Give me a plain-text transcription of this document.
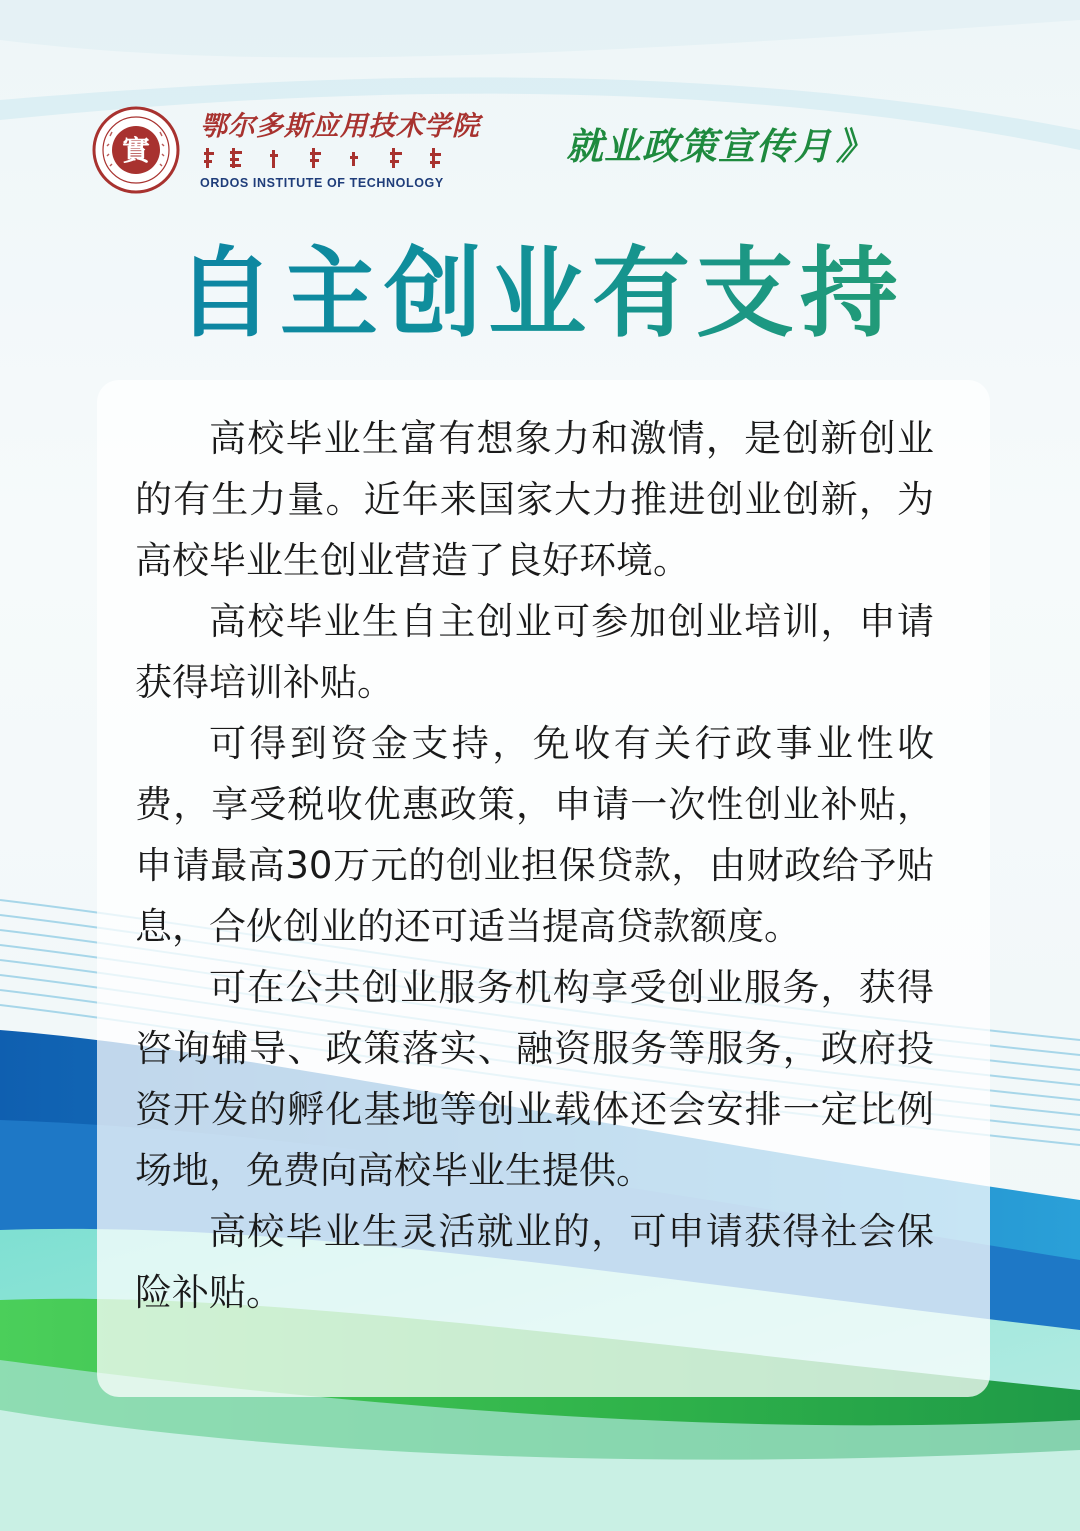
實
鄂尔多斯应用技术学院
ORDOS INSTITUTE OF TECHNOLOGY
就业政策宣传月 》
自主创业有支持

高校毕业生富有想象力和激情，是创新创业的有生力量。近年来国家大力推进创业创新，为高校毕业生创业营造了良好环境。

高校毕业生自主创业可参加创业培训，申请获得培训补贴。

可得到资金支持，免收有关行政事业性收费，享受税收优惠政策，申请一次性创业补贴，申请最高30万元的创业担保贷款，由财政给予贴息，合伙创业的还可适当提高贷款额度。

可在公共创业服务机构享受创业服务，获得咨询辅导、政策落实、融资服务等服务，政府投资开发的孵化基地等创业载体还会安排一定比例场地，免费向高校毕业生提供。

高校毕业生灵活就业的，可申请获得社会保险补贴。
